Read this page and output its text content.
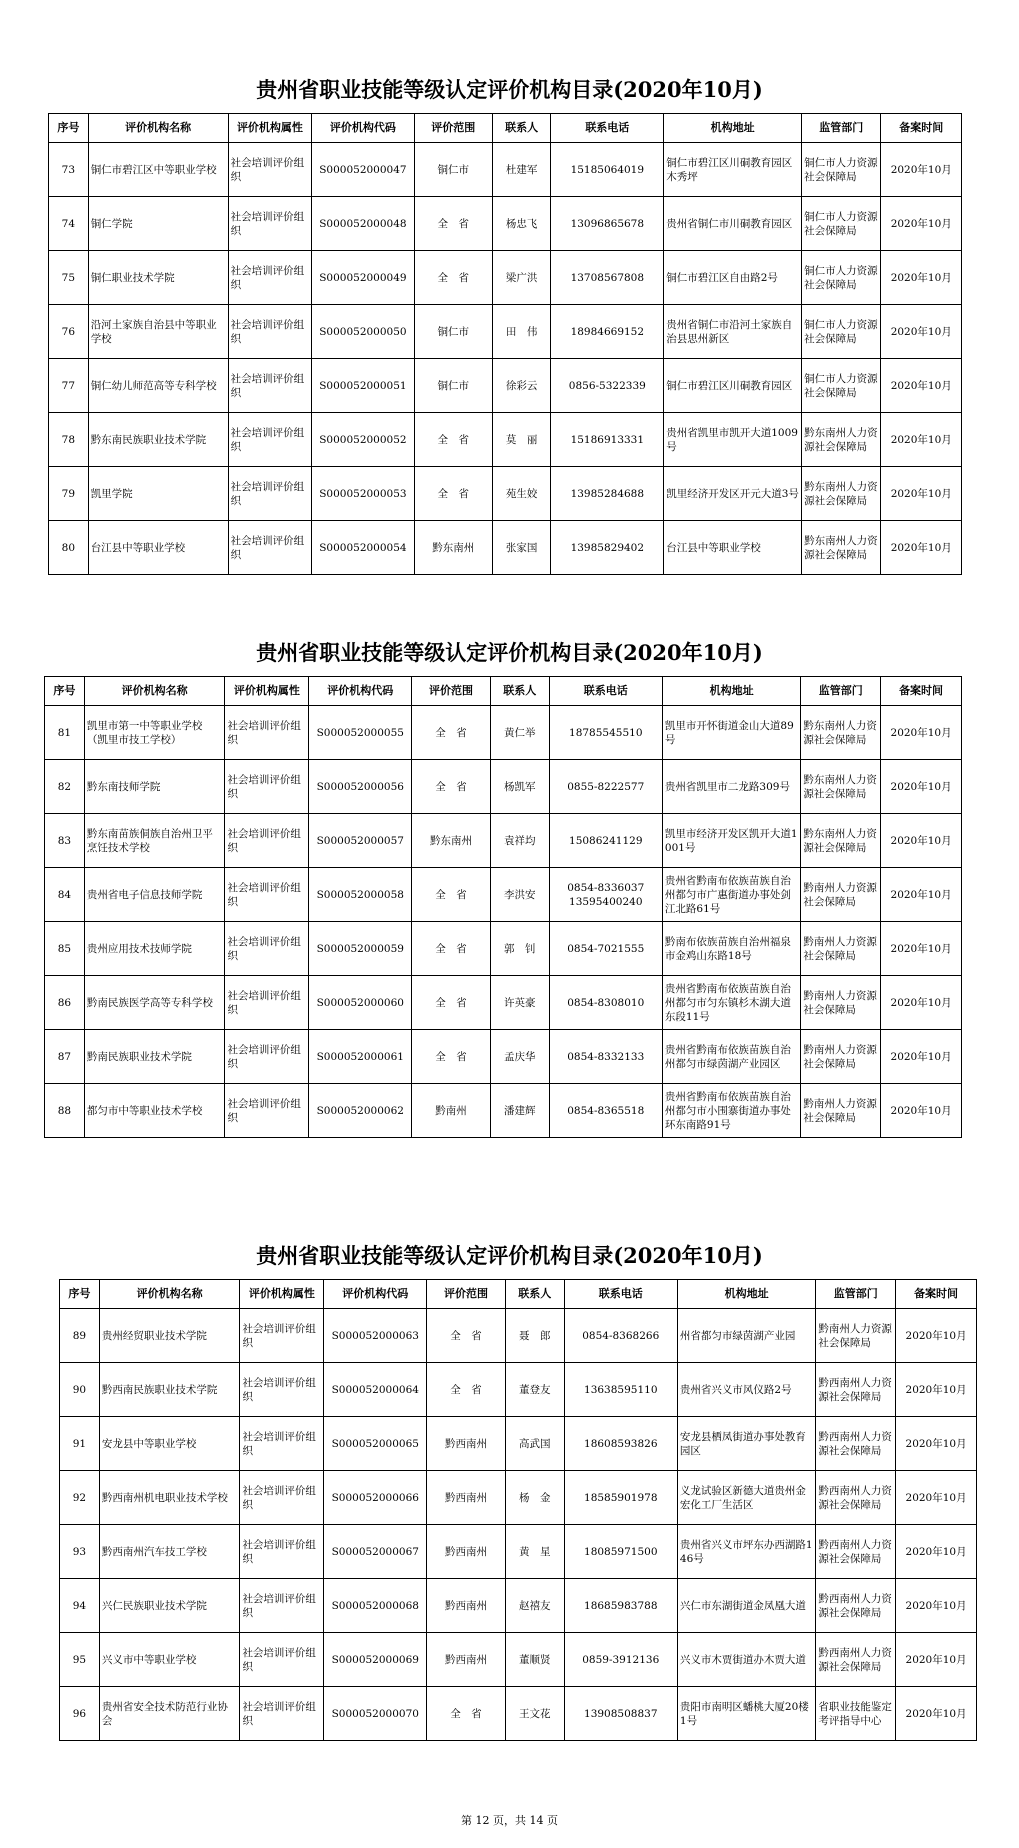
贵州省职业技能等级认定评价机构目录(2020年10月)
序号	评价机构名称	评价机构属性	评价机构代码	评价范围	联系人	联系电话	机构地址	监管部门	备案时间
73	铜仁市碧江区中等职业学校	社会培训评价组织	S000052000047	铜仁市	杜建军	15185064019	铜仁市碧江区川硐教育园区木秀坪	铜仁市人力资源社会保障局	2020年10月
74	铜仁学院	社会培训评价组织	S000052000048	全　省	杨忠飞	13096865678	贵州省铜仁市川硐教育园区	铜仁市人力资源社会保障局	2020年10月
75	铜仁职业技术学院	社会培训评价组织	S000052000049	全　省	梁广洪	13708567808	铜仁市碧江区自由路2号	铜仁市人力资源社会保障局	2020年10月
76	沿河土家族自治县中等职业学校	社会培训评价组织	S000052000050	铜仁市	田　伟	18984669152	贵州省铜仁市沿河土家族自治县思州新区	铜仁市人力资源社会保障局	2020年10月
77	铜仁幼儿师范高等专科学校	社会培训评价组织	S000052000051	铜仁市	徐彩云	0856-5322339	铜仁市碧江区川硐教育园区	铜仁市人力资源社会保障局	2020年10月
78	黔东南民族职业技术学院	社会培训评价组织	S000052000052	全　省	莫　丽	15186913331	贵州省凯里市凯开大道1009号	黔东南州人力资源社会保障局	2020年10月
79	凯里学院	社会培训评价组织	S000052000053	全　省	苑生姣	13985284688	凯里经济开发区开元大道3号	黔东南州人力资源社会保障局	2020年10月
80	台江县中等职业学校	社会培训评价组织	S000052000054	黔东南州	张家国	13985829402	台江县中等职业学校	黔东南州人力资源社会保障局	2020年10月
贵州省职业技能等级认定评价机构目录(2020年10月)
序号	评价机构名称	评价机构属性	评价机构代码	评价范围	联系人	联系电话	机构地址	监管部门	备案时间
81	凯里市第一中等职业学校（凯里市技工学校）	社会培训评价组织	S000052000055	全　省	黄仁举	18785545510	凯里市开怀街道金山大道89号	黔东南州人力资源社会保障局	2020年10月
82	黔东南技师学院	社会培训评价组织	S000052000056	全　省	杨凯军	0855-8222577	贵州省凯里市二龙路309号	黔东南州人力资源社会保障局	2020年10月
83	黔东南苗族侗族自治州卫平烹饪技术学校	社会培训评价组织	S000052000057	黔东南州	袁祥均	15086241129	凯里市经济开发区凯开大道1001号	黔东南州人力资源社会保障局	2020年10月
84	贵州省电子信息技师学院	社会培训评价组织	S000052000058	全　省	李洪安	0854-8336037 13595400240	贵州省黔南布依族苗族自治州都匀市广惠街道办事处剑江北路61号	黔南州人力资源社会保障局	2020年10月
85	贵州应用技术技师学院	社会培训评价组织	S000052000059	全　省	郭　钊	0854-7021555	黔南布依族苗族自治州福泉市金鸡山东路18号	黔南州人力资源社会保障局	2020年10月
86	黔南民族医学高等专科学校	社会培训评价组织	S000052000060	全　省	许英豪	0854-8308010	贵州省黔南布依族苗族自治州都匀市匀东镇杉木湖大道东段11号	黔南州人力资源社会保障局	2020年10月
87	黔南民族职业技术学院	社会培训评价组织	S000052000061	全　省	孟庆华	0854-8332133	贵州省黔南布依族苗族自治州都匀市绿茵湖产业园区	黔南州人力资源社会保障局	2020年10月
88	都匀市中等职业技术学校	社会培训评价组织	S000052000062	黔南州	潘建辉	0854-8365518	贵州省黔南布依族苗族自治州都匀市小围寨街道办事处环东南路91号	黔南州人力资源社会保障局	2020年10月
贵州省职业技能等级认定评价机构目录(2020年10月)
序号	评价机构名称	评价机构属性	评价机构代码	评价范围	联系人	联系电话	机构地址	监管部门	备案时间
89	贵州经贸职业技术学院	社会培训评价组织	S000052000063	全　省	聂　郎	0854-8368266	州省都匀市绿茵湖产业园	黔南州人力资源社会保障局	2020年10月
90	黔西南民族职业技术学院	社会培训评价组织	S000052000064	全　省	董登友	13638595110	贵州省兴义市风仪路2号	黔西南州人力资源社会保障局	2020年10月
91	安龙县中等职业学校	社会培训评价组织	S000052000065	黔西南州	高武国	18608593826	安龙县栖凤街道办事处教育园区	黔西南州人力资源社会保障局	2020年10月
92	黔西南州机电职业技术学校	社会培训评价组织	S000052000066	黔西南州	杨　金	18585901978	义龙试验区新德大道贵州金宏化工厂生活区	黔西南州人力资源社会保障局	2020年10月
93	黔西南州汽车技工学校	社会培训评价组织	S000052000067	黔西南州	黄　星	18085971500	贵州省兴义市坪东办西湖路146号	黔西南州人力资源社会保障局	2020年10月
94	兴仁民族职业技术学院	社会培训评价组织	S000052000068	黔西南州	赵禧友	18685983788	兴仁市东湖街道金凤凰大道	黔西南州人力资源社会保障局	2020年10月
95	兴义市中等职业学校	社会培训评价组织	S000052000069	黔西南州	董顺贤	0859-3912136	兴义市木贾街道办木贾大道	黔西南州人力资源社会保障局	2020年10月
96	贵州省安全技术防范行业协会	社会培训评价组织	S000052000070	全　省	王文花	13908508837	贵阳市南明区蟠桃大厦20楼1号	省职业技能鉴定考评指导中心	2020年10月
第 12 页，共 14 页
